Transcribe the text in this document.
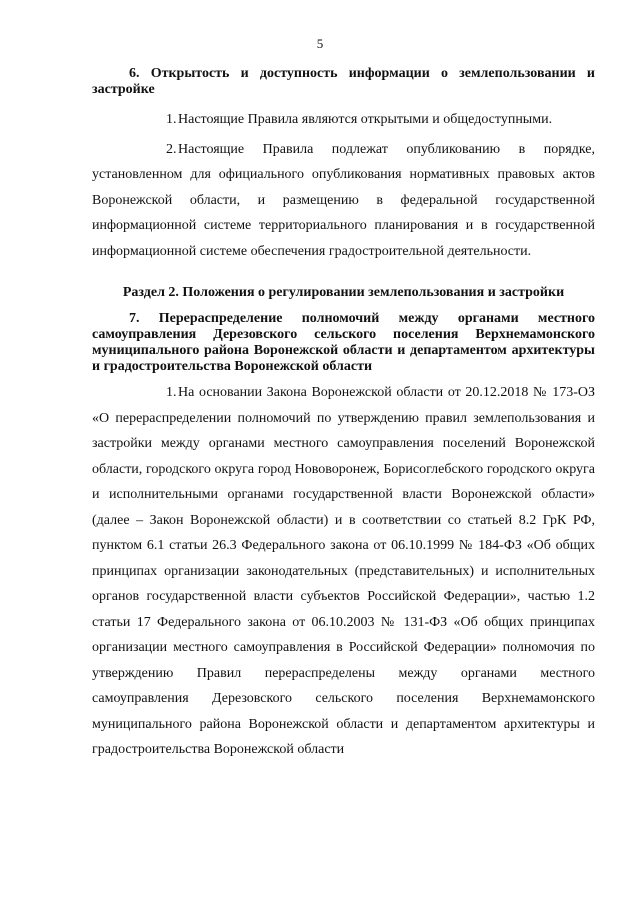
5

6. Открытость и доступность информации о землепользовании и застройке

1. Настоящие Правила являются открытыми и общедоступными.

2. Настоящие Правила подлежат опубликованию в порядке, установленном для официального опубликования нормативных правовых актов Воронежской области, и размещению в федеральной государственной информационной системе территориального планирования и в государственной информационной системе обеспечения градостроительной деятельности.

Раздел 2. Положения о регулировании землепользования и застройки

7. Перераспределение полномочий между органами местного самоуправления Дерезовского сельского поселения Верхнемамонского муниципального района Воронежской области и департаментом архитектуры и градостроительства Воронежской области

1. На основании Закона Воронежской области от 20.12.2018 № 173-ОЗ «О перераспределении полномочий по утверждению правил землепользования и застройки между органами местного самоуправления поселений Воронежской области, городского округа город Нововоронеж, Борисоглебского городского округа и исполнительными органами государственной власти Воронежской области» (далее – Закон Воронежской области) и в соответствии со статьей 8.2 ГрК РФ, пунктом 6.1 статьи 26.3 Федерального закона от 06.10.1999 № 184-ФЗ «Об общих принципах организации законодательных (представительных) и исполнительных органов государственной власти субъектов Российской Федерации», частью 1.2 статьи 17 Федерального закона от 06.10.2003 № 131-ФЗ «Об общих принципах организации местного самоуправления в Российской Федерации» полномочия по утверждению Правил перераспределены между органами местного самоуправления Дерезовского сельского поселения Верхнемамонского муниципального района Воронежской области и департаментом архитектуры и градостроительства Воронежской области
